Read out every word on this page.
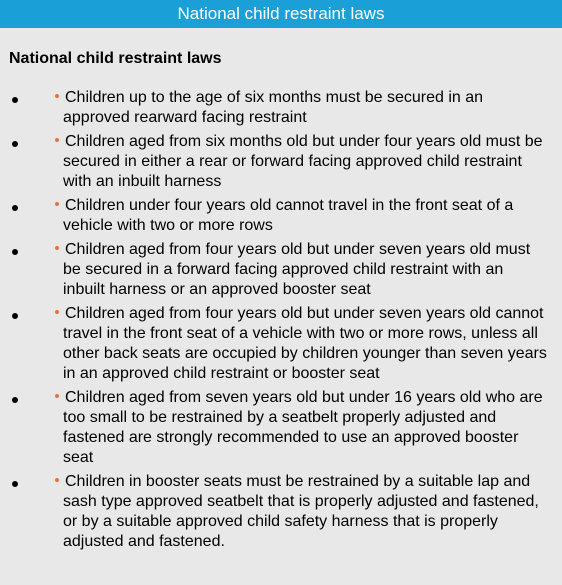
National child restraint laws
National child restraint laws
Children up to the age of six months must be secured in an approved rearward facing restraint
Children aged from six months old but under four years old must be secured in either a rear or forward facing approved child restraint with an inbuilt harness
Children under four years old cannot travel in the front seat of a vehicle with two or more rows
Children aged from four years old but under seven years old must be secured in a forward facing approved child restraint with an inbuilt harness or an approved booster seat
Children aged from four years old but under seven years old cannot travel in the front seat of a vehicle with two or more rows, unless all other back seats are occupied by children younger than seven years in an approved child restraint or booster seat
Children aged from seven years old but under 16 years old who are too small to be restrained by a seatbelt properly adjusted and fastened are strongly recommended to use an approved booster seat
Children in booster seats must be restrained by a suitable lap and sash type approved seatbelt that is properly adjusted and fastened, or by a suitable approved child safety harness that is properly adjusted and fastened.
